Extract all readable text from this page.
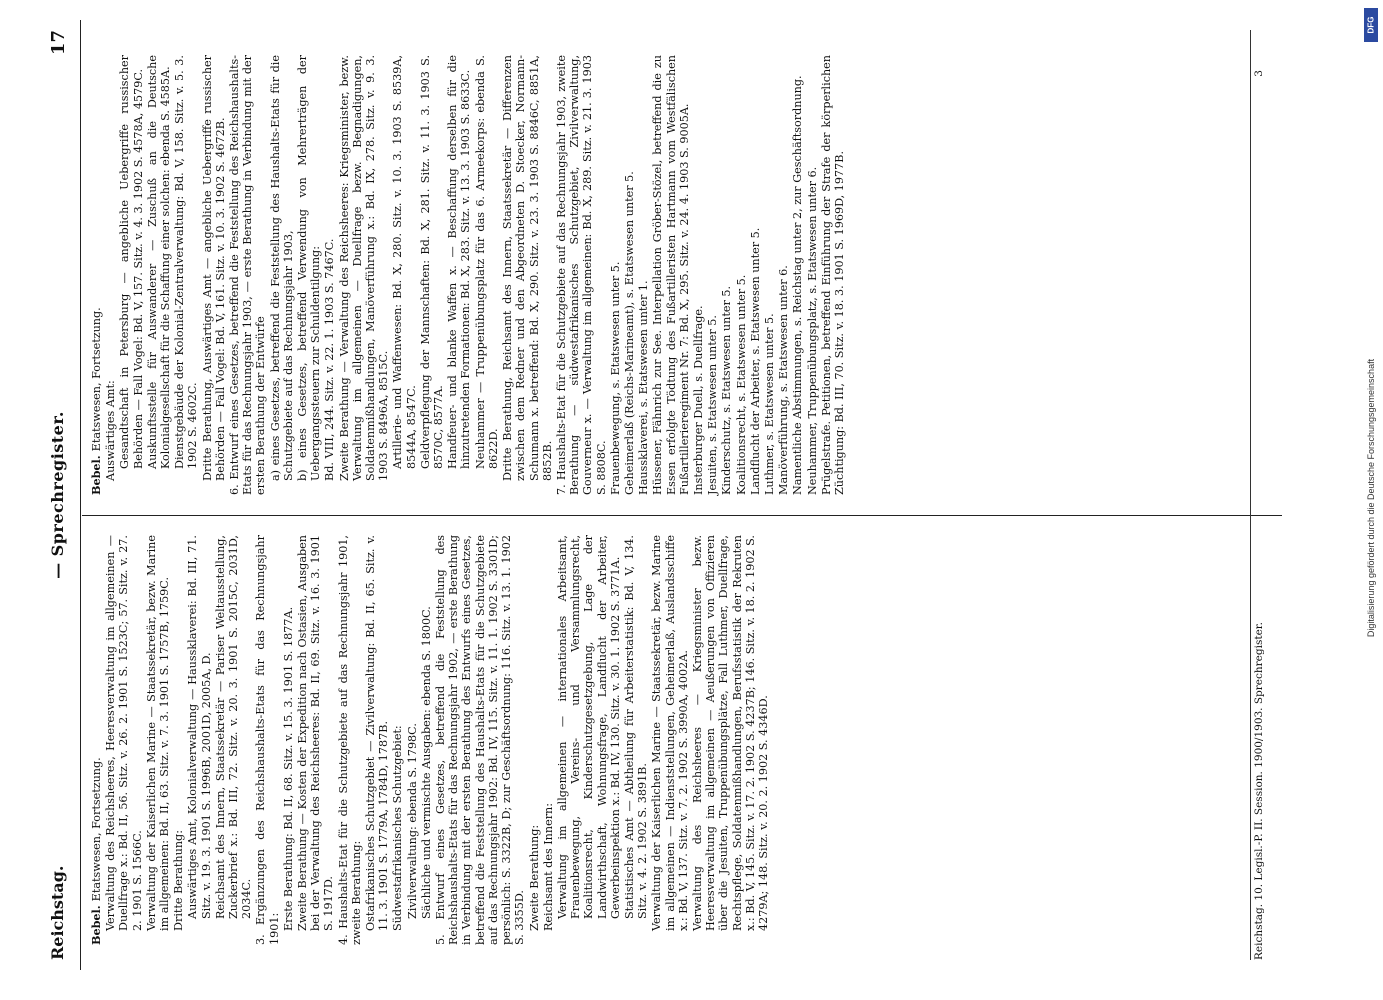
Reichstag.
— Sprechregister.
17

Bebel.Etatswesen, Fortsetzung. Verwaltung des Reichsheeres, Heeresverwaltung im allgemeinen — Duellfrage x.: Bd. II, 56. Sitz. v. 26. 2. 1901 S. 1523C; 57. Sitz. v. 27. 2. 1901 S. 1566C. Verwaltung der Kaiserlichen Marine — Staatssekretär, bezw. Marine im allgemeinen: Bd. II, 63. Sitz. v. 7. 3. 1901 S. 1757B, 1759C. Dritte Berathung: Auswärtiges Amt, Kolonialverwaltung — Haussklaverei: Bd. III, 71. Sitz. v. 19. 3. 1901 S. 1996B, 2001D, 2005A, D. Reichsamt des Innern, Staatssekretär — Pariser Weltausstellung, Zuckerbrief x.: Bd. III, 72. Sitz. v. 20. 3. 1901 S. 2015C, 2031D, 2034C. 3. Ergänzungen des Reichshaushalts-Etats für das Rechnungsjahr 1901: Erste Berathung: Bd. II, 68. Sitz. v. 15. 3. 1901 S. 1877A. Zweite Berathung — Kosten der Expedition nach Ostasien, Ausgaben bei der Verwaltung des Reichsheeres: Bd. II, 69. Sitz. v. 16. 3. 1901 S. 1917D. 4. Haushalts-Etat für die Schutzgebiete auf das Rechnungsjahr 1901, zweite Berathung: Ostafrikanisches Schutzgebiet — Zivilverwaltung: Bd. II, 65. Sitz. v. 11. 3. 1901 S. 1779A, 1784D, 1787B. Südwestafrikanisches Schutzgebiet: Zivilverwaltung: ebenda S. 1798C. Sächliche und vermischte Ausgaben: ebenda S. 1800C. 5. Entwurf eines Gesetzes, betreffend die Feststellung des Reichshaushalts-Etats für das Rechnungsjahr 1902, — erste Berathung in Verbindung mit der ersten Berathung des Entwurfs eines Gesetzes, betreffend die Feststellung des Haushalts-Etats für die Schutzgebiete auf das Rechnungsjahr 1902: Bd. IV, 115. Sitz. v. 11. 1. 1902 S. 3301D; persönlich: S. 3322B, D; zur Geschäftsordnung: 116. Sitz. v. 13. 1. 1902 S. 3355D. Zweite Berathung: Reichsamt des Innern: Verwaltung im allgemeinen — internationales Arbeitsamt, Frauenbewegung, Vereins- und Versammlungsrecht, Koalitionsrecht, Kinderschutzgesetzgebung, Lage der Landwirthschaft, Wohnungsfrage, Landflucht der Arbeiter, Gewerbeinspektion x.: Bd. IV, 130. Sitz. v. 30. 1. 1902 S. 3771A. Statistisches Amt — Abtheilung für Arbeiterstatistik: Bd. V, 134. Sitz. v. 4. 2. 1902 S. 3891B. Verwaltung der Kaiserlichen Marine — Staatssekretär, bezw. Marine im allgemeinen — Indienststellungen, Geheimerlaß, Auslandsschiffe x.: Bd. V, 137. Sitz. v. 7. 2. 1902 S. 3990A, 4002A. Verwaltung des Reichsheeres — Kriegsminister bezw. Heeresverwaltung im allgemeinen — Aeußerungen von Offizieren über die Jesuiten, Truppenübungsplätze, Fall Luthmer, Duellfrage, Rechtspflege, Soldatenmißhandlungen, Berufsstatistik der Rekruten x.: Bd. V, 145. Sitz. v. 17. 2. 1902 S. 4237B; 146. Sitz. v. 18. 2. 1902 S. 4279A; 148. Sitz. v. 20. 2. 1902 S. 4346D.

Bebel.Etatswesen, Fortsetzung. Auswärtiges Amt: Gesandtschaft in Petersburg — angebliche Uebergriffe russischer Behörden — Fall Vogel: Bd. V, 157. Sitz. v. 4. 3. 1902 S. 4578A, 4579C. Auskunftsstelle für Auswanderer — Zuschuß an die Deutsche Kolonialgesellschaft für die Schaffung einer solchen: ebenda S. 4585A. Dienstgebäude der Kolonial-Zentralverwaltung: Bd. V, 158. Sitz. v. 5. 3. 1902 S. 4602C. Dritte Berathung, Auswärtiges Amt — angebliche Uebergriffe russischer Behörden — Fall Vogel: Bd. V, 161. Sitz. v. 10. 3. 1902 S. 4672B. 6. Entwurf eines Gesetzes, betreffend die Feststellung des Reichshaushalts-Etats für das Rechnungsjahr 1903, — erste Berathung in Verbindung mit der ersten Berathung der Entwürfe a) eines Gesetzes, betreffend die Feststellung des Haushalts-Etats für die Schutzgebiete auf das Rechnungsjahr 1903, b) eines Gesetzes, betreffend Verwendung von Mehrerträgen der Uebergangssteuern zur Schuldentilgung: Bd. VIII, 244. Sitz. v. 22. 1. 1903 S. 7467C. Zweite Berathung — Verwaltung des Reichsheeres: Kriegsminister, bezw. Verwaltung im allgemeinen — Duellfrage bezw. Begnadigungen, Soldatenmißhandlungen, Manöverführung x.: Bd. IX, 278. Sitz. v. 9. 3. 1903 S. 8496A, 8515C. Artillerie- und Waffenwesen: Bd. X, 280. Sitz. v. 10. 3. 1903 S. 8539A, 8544A, 8547C. Geldverpflegung der Mannschaften: Bd. X, 281. Sitz. v. 11. 3. 1903 S. 8570C, 8577A. Handfeuer- und blanke Waffen x. — Beschaffung derselben für die hinzutretenden Formationen: Bd. X, 283. Sitz. v. 13. 3. 1903 S. 8633C. Neuhammer — Truppenübungsplatz für das 6. Armeekorps: ebenda S. 8622D. Dritte Berathung, Reichsamt des Innern, Staatssekretär — Differenzen zwischen dem Redner und den Abgeordneten D. Stoecker, Normann-Schumann x. betreffend: Bd. X, 290. Sitz. v. 23. 3. 1903 S. 8846C, 8851A, 8852B. 7. Haushalts-Etat für die Schutzgebiete auf das Rechnungsjahr 1903, zweite Berathung — südwestafrikanisches Schutzgebiet, Zivilverwaltung, Gouverneur x. — Verwaltung im allgemeinen: Bd. X, 289. Sitz. v. 21. 3. 1903 S. 8808C. Frauenbewegung, s. Etatswesen unter 5. Geheimerlaß (Reichs-Marineamt), s. Etatswesen unter 5. Haussklaverei, s. Etatswesen unter 1. Hüssener, Fähnrich zur See. Interpellation Gröber-Stözel, betreffend die zu Essen erfolgte Tödtung des Fußartilleristen Hartmann vom Westfälischen Fußartillerieregiment Nr. 7: Bd. X, 295. Sitz. v. 24. 4. 1903 S. 9005A. Insterburger Duell, s. Duellfrage. Jesuiten, s. Etatswesen unter 5. Kinderschutz, s. Etatswesen unter 5. Koalitionsrecht, s. Etatswesen unter 5. Landflucht der Arbeiter, s. Etatswesen unter 5. Luthmer, s. Etatswesen unter 5. Manöverführung, s. Etatswesen unter 6. Namentliche Abstimmungen, s. Reichstag unter 2, zur Geschäftsordnung. Neuhammer, Truppenübungsplatz, s. Etatswesen unter 6. Prügelstrafe. Petitionen, betreffend Einführung der Strafe der körperlichen Züchtigung: Bd. III, 70. Sitz. v. 18. 3. 1901 S. 1969D, 1977B.

Reichstag. 10. Legisl.-P. II. Session. 1900/1903. Sprechregister.
3
Digitalisierung gefördert durch die Deutsche Forschungsgemeinschaft
DFG
